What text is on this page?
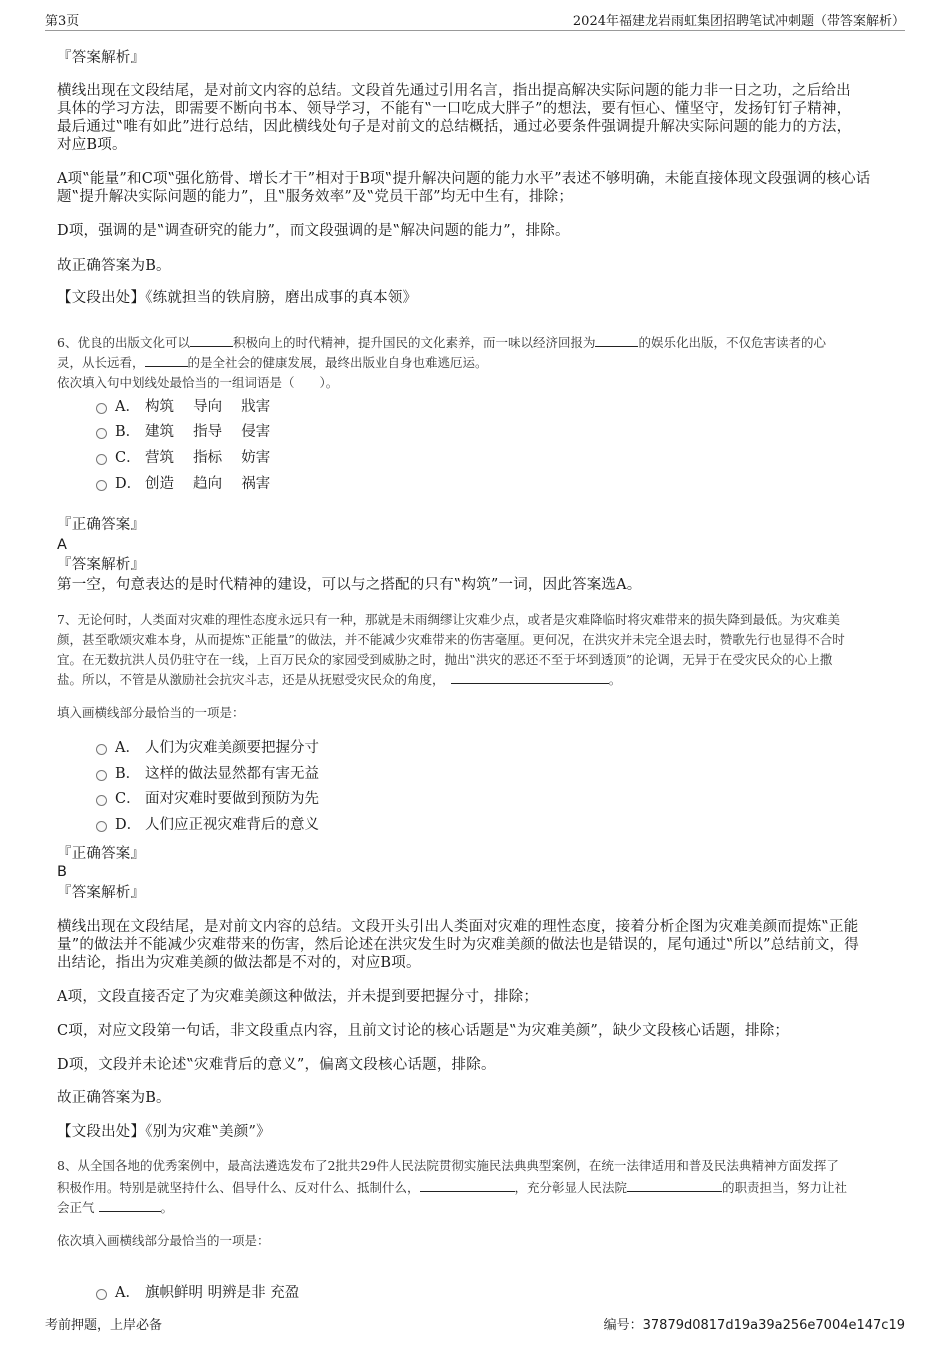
第3页	2024年福建龙岩雨虹集团招聘笔试冲刺题（带答案解析）
『答案解析』
横线出现在文段结尾，是对前文内容的总结。文段首先通过引用名言，指出提高解决实际问题的能力非一日之功，之后给出
具体的学习方法，即需要不断向书本、领导学习，不能有‟一口吃成大胖子”的想法，要有恒心、懂坚守，发扬钉钉子精神，
最后通过‟唯有如此”进行总结，因此横线处句子是对前文的总结概括，通过必要条件强调提升解决实际问题的能力的方法，
对应B项。
A项‟能量”和C项‟强化筋骨、增长才干”相对于B项‟提升解决问题的能力水平”表述不够明确，未能直接体现文段强调的核心话
题‟提升解决实际问题的能力”，且‟服务效率”及‟党员干部”均无中生有，排除；
D项，强调的是‟调查研究的能力”，而文段强调的是‟解决问题的能力”，排除。
故正确答案为B。
【文段出处】《练就担当的铁肩膀，磨出成事的真本领》
6、优良的出版文化可以	积极向上的时代精神，提升国民的文化素养，而一味以经济回报为	的娱乐化出版，不仅危害读者的心
灵，从长远看，	的是全社会的健康发展，最终出版业自身也难逃厄运。
依次填入句中划线处最恰当的一组词语是（　　）。
A． 构筑　 导向　 戕害
B． 建筑　 指导　 侵害
C． 营筑　 指标　 妨害
D． 创造　 趋向　 祸害
『正确答案』
A
『答案解析』
第一空，句意表达的是时代精神的建设，可以与之搭配的只有‟构筑”一词，因此答案选A。
7、无论何时，人类面对灾难的理性态度永远只有一种，那就是未雨绸缪让灾难少点，或者是灾难降临时将灾难带来的损失降到最低。为灾难美
颜，甚至歌颂灾难本身，从而提炼‟正能量”的做法，并不能减少灾难带来的伤害毫厘。更何况，在洪灾并未完全退去时，赞歌先行也显得不合时
宜。在无数抗洪人员仍驻守在一线，上百万民众的家园受到威胁之时，抛出‟洪灾的恶还不至于坏到透顶”的论调，无异于在受灾民众的心上撒
盐。所以，不管是从激励社会抗灾斗志，还是从抚慰受灾民众的角度，　	。
填入画横线部分最恰当的一项是：
A． 人们为灾难美颜要把握分寸
B． 这样的做法显然都有害无益
C． 面对灾难时要做到预防为先
D． 人们应正视灾难背后的意义
『正确答案』
B
『答案解析』
横线出现在文段结尾，是对前文内容的总结。文段开头引出人类面对灾难的理性态度，接着分析企图为灾难美颜而提炼‟正能
量”的做法并不能减少灾难带来的伤害，然后论述在洪灾发生时为灾难美颜的做法也是错误的，尾句通过‟所以”总结前文，得
出结论，指出为灾难美颜的做法都是不对的，对应B项。
A项，文段直接否定了为灾难美颜这种做法，并未提到要把握分寸，排除；
C项，对应文段第一句话，非文段重点内容，且前文讨论的核心话题是‟为灾难美颜”，缺少文段核心话题，排除；
D项，文段并未论述‟灾难背后的意义”，偏离文段核心话题，排除。
故正确答案为B。
【文段出处】《别为灾难‟美颜”》
8、从全国各地的优秀案例中，最高法遴选发布了2批共29件人民法院贯彻实施民法典典型案例，在统一法律适用和普及民法典精神方面发挥了
积极作用。特别是就坚持什么、倡导什么、反对什么、抵制什么，	，充分彰显人民法院	的职责担当，努力让社
会正气	。
依次填入画横线部分最恰当的一项是：
A． 旗帜鲜明 明辨是非 充盈
考前押题，上岸必备	编号：37879d0817d19a39a256e7004e147c19
